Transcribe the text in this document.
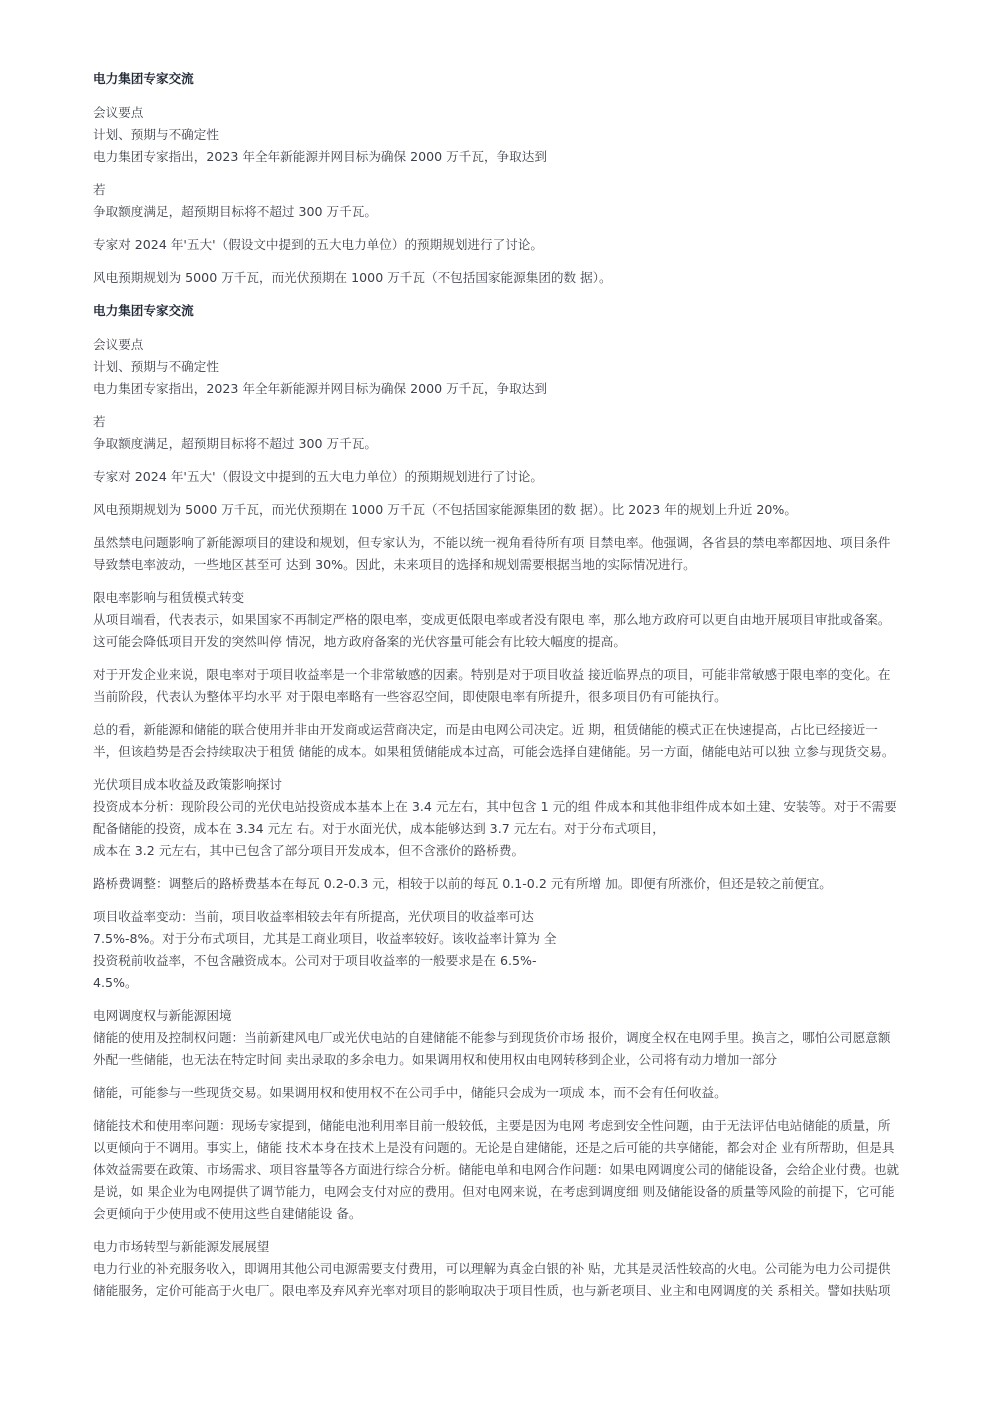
电力集团专家交流

会议要点

计划、预期与不确定性

电力集团专家指出，2023 年全年新能源并网目标为确保 2000 万千瓦，争取达到

若

争取额度满足，超预期目标将不超过 300 万千瓦。

专家对 2024 年'五大'（假设文中提到的五大电力单位）的预期规划进行了讨论。

风电预期规划为 5000 万千瓦，而光伏预期在 1000 万千瓦（不包括国家能源集团的数 据）。

电力集团专家交流

会议要点

计划、预期与不确定性

电力集团专家指出，2023 年全年新能源并网目标为确保 2000 万千瓦，争取达到

若

争取额度满足，超预期目标将不超过 300 万千瓦。

专家对 2024 年'五大'（假设文中提到的五大电力单位）的预期规划进行了讨论。

风电预期规划为 5000 万千瓦，而光伏预期在 1000 万千瓦（不包括国家能源集团的数 据）。比 2023 年的规划上升近 20%。

虽然禁电问题影响了新能源项目的建设和规划，但专家认为，不能以统一视角看待所有项 目禁电率。他强调，各省县的禁电率都因地、项目条件

导致禁电率波动，一些地区甚至可 达到 30%。因此，未来项目的选择和规划需要根据当地的实际情况进行。

限电率影响与租赁模式转变

从项目端看，代表表示，如果国家不再制定严格的限电率，变成更低限电率或者没有限电 率，那么地方政府可以更自由地开展项目审批或备案。

这可能会降低项目开发的突然叫停 情况，地方政府备案的光伏容量可能会有比较大幅度的提高。

对于开发企业来说，限电率对于项目收益率是一个非常敏感的因素。特别是对于项目收益 接近临界点的项目，可能非常敏感于限电率的变化。在

当前阶段，代表认为整体平均水平 对于限电率略有一些容忍空间，即使限电率有所提升，很多项目仍有可能执行。

总的看，新能源和储能的联合使用并非由开发商或运营商决定，而是由电网公司决定。近 期，租赁储能的模式正在快速提高，占比已经接近一

半，但该趋势是否会持续取决于租赁 储能的成本。如果租赁储能成本过高，可能会选择自建储能。另一方面，储能电站可以独 立参与现货交易。

光伏项目成本收益及政策影响探讨

投资成本分析：现阶段公司的光伏电站投资成本基本上在 3.4 元左右，其中包含 1 元的组 件成本和其他非组件成本如土建、安装等。对于不需要

配备储能的投资，成本在 3.34 元左 右。对于水面光伏，成本能够达到 3.7 元左右。对于分布式项目，

成本在 3.2 元左右，其中已包含了部分项目开发成本，但不含涨价的路桥费。

路桥费调整：调整后的路桥费基本在每瓦 0.2-0.3 元，相较于以前的每瓦 0.1-0.2 元有所增 加。即便有所涨价，但还是较之前便宜。

项目收益率变动：当前，项目收益率相较去年有所提高，光伏项目的收益率可达

7.5%-8%。对于分布式项目，尤其是工商业项目，收益率较好。该收益率计算为 全

投资税前收益率，不包含融资成本。公司对于项目收益率的一般要求是在 6.5%-

4.5%。

电网调度权与新能源困境

储能的使用及控制权问题：当前新建风电厂或光伏电站的自建储能不能参与到现货价市场 报价，调度全权在电网手里。换言之，哪怕公司愿意额

外配一些储能，也无法在特定时间 卖出录取的多余电力。如果调用权和使用权由电网转移到企业，公司将有动力增加一部分

储能，可能参与一些现货交易。如果调用权和使用权不在公司手中，储能只会成为一项成 本，而不会有任何收益。

储能技术和使用率问题：现场专家提到，储能电池利用率目前一般较低，主要是因为电网 考虑到安全性问题，由于无法评估电站储能的质量，所

以更倾向于不调用。事实上，储能 技术本身在技术上是没有问题的。无论是自建储能，还是之后可能的共享储能，都会对企 业有所帮助，但是具

体效益需要在政策、市场需求、项目容量等各方面进行综合分析。储能电单和电网合作问题：如果电网调度公司的储能设备，会给企业付费。也就

是说，如 果企业为电网提供了调节能力，电网会支付对应的费用。但对电网来说，在考虑到调度细 则及储能设备的质量等风险的前提下，它可能

会更倾向于少使用或不使用这些自建储能设 备。

电力市场转型与新能源发展展望

电力行业的补充服务收入，即调用其他公司电源需要支付费用，可以理解为真金白银的补 贴，尤其是灵活性较高的火电。公司能为电力公司提供

储能服务，定价可能高于火电厂。限电率及弃风弃光率对项目的影响取决于项目性质，也与新老项目、业主和电网调度的关 系相关。譬如扶贴项
